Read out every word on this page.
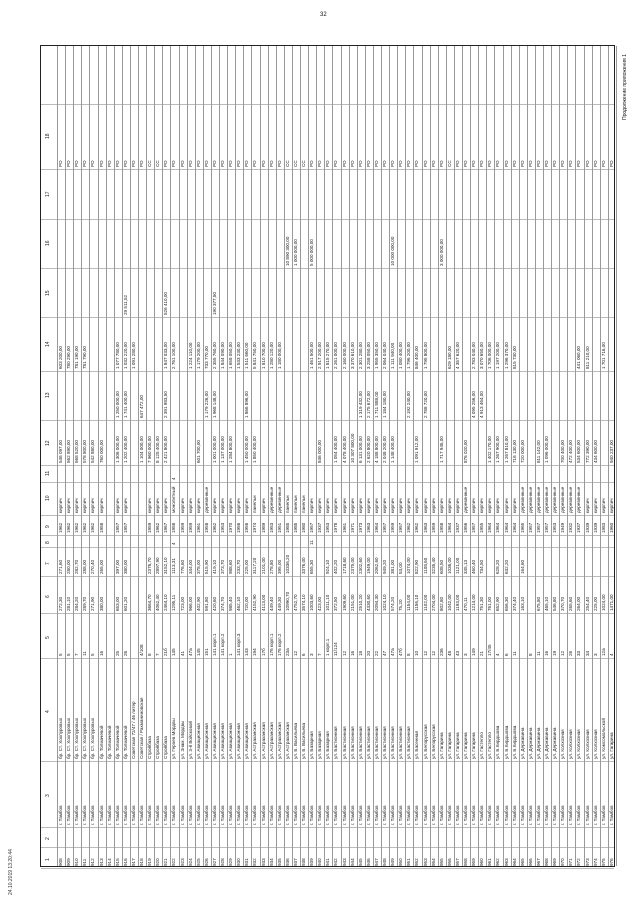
32
Продолжение приложения 1
1
2
3
4
5
6
7
8
9
10
11
12
13
14
15
16
17
18
908
г. Тамбов
бр. Ст. Хохлуровых
5
272,30
271,60
1962
кирпич
546 097,00
603 200,00
РО
909
г. Тамбов
бр. Ст. Хохлуровых
5
281,10
280,00
1962
кирпич
562 890,00
780 290,00
РО
910
г. Тамбов
бр. Ст. Хохлуровых
7
284,20
282,70
1962
кирпич
568 520,00
781 190,00
РО
911
г. Тамбов
бр. Ст. Хохлуровых
11
289,70
288,00
1962
кирпич
578 800,00
781 790,00
РО
912
г. Тамбов
бр. Ст. Хохлуровых
5
271,90
270,40
1962
кирпич
542 880,00
РО
913
г. Тамбов
бр. Толмачевой
16
380,00
265,00
1958
кирпич
760 000,00
РО
914
г. Тамбов
бр. Толмачевой
РО
915
г. Тамбов
бр. Толмачевой
25
653,00
397,00
1957
кирпич
1 306 000,00
1 250 000,00
1 077 780,00
РО
916
г. Тамбов
бр. Толмачевой
26
601,20
380,00
1957
кирпич
1 202 400,00
1 741 400,00
1 032 220,00
29 511,52
РО
917
г. Тамбов
Советская 72/47 / 46 литер
1 091 280,00
РО
918
г. Тамбов
Советская / Рахманиновская
4/108
1 104 000,00
647 472,00
РО
919
г. Тамбов
Стройбаза
8
3664,70
2376,70
1959
кирпич
7 960 000,00
СС
920
г. Тамбов
Стройбаза
7
4062,40
2897,90
1962
кирпич
8 125 400,00
СС
921
г. Тамбов
Стройбаза
21б
2464,10
3152,10
1967
кирпич
2 421 800,00
2 391 983,50
1 847 033,00
526 410,00
РО
922
г. Тамбов
ул. Героев Мордвы
145
1295,11
1113,31
4
1958
монолитный
4
2 761 100,00
РО
923
г. Тамбов
ул. Знам. Мордвы
41
723,00
776,60
1959
кирпич
РО
924
г. Тамбов
ул. 3-й Войсковой
47а
966,00
344,00
1959
кирпич
1 224 110,00
РО
925
г. Тамбов
ул. Авиационная
145
402,90
378,00
1961
кирпич
601 700,00
1 179 200,00
РО
926
г. Тамбов
ул. Авиационная
151
591,80
515,90
1958
деревянные
1 179 226,00
733 770,00
РО
927
г. Тамбов
ул. Авиационная
141 корп.1
420,60
419,10
1962
кирпич
1 001 000,00
1 968 148,00
2 355 760,00
190 377,50
РО
928
г. Тамбов
ул. Авиационная
141 корп.2
374,70
373,70
1953
кирпич
1 137 000,00
1 844 090,00
РО
929
г. Тамбов
ул. Авиационная
1
985,40
988,60
1970
кирпич
1 284 800,00
1 658 050,00
РО
930
г. Тамбов
ул. Авиационная
141 корп.3
462,10
233,70
1956
кирпич
1 533 230,00
РО
931
г. Тамбов
ул. Авиационная
143
720,00
225,00
1956
кирпич
1 450 000,00
1 866 896,00
1 511 660,00
РО
932
г. Тамбов
ул. Астраханская
194
4152,90
3117,20
1974
панельн
1 850 400,00
5 841 750,00
РО
933
г. Тамбов
ул. Астраханская
17б
4113,00
2101,00
1989
кирпич
1 810 700,00
РО
934
г. Тамбов
ул. Астраханская
176 корп.1
449,40
278,80
1953
деревянные
1 280 120,00
РО
935
г. Тамбов
ул. Астраханская
176 корп.2
449,30
395,00
1951
деревянные
1 180 000,00
РО
936
г. Тамбов
ул. Астраханская
23а
10990,70
10336,20
1985
панельн
10 890 300,00
СС
937
г. Тамбов
ул. Б. Васильева
12
4752,70
1985
панельн
1 000 000,00
СС
938
г. Тамбов
ул. Б. Васильева
6
3574,10
3376,00
1980
панельн
СС
939
г. Тамбов
ул. Базарная
3
1003,60
655,30
11
1957
кирпич
1 461 500,00
5 000 000,00
РО
940
г. Тамбов
ул. Базарная
7
423,00
1937
кирпич
846 000,00
2 917 200,00
РО
941
г. Тамбов
ул. Базарная
1 корп.1
1011,10
924,10
1953
кирпич
1 815 270,00
РО
942
г. Тамбов
ул. Бастионная
11/124
372,50
402,20
1978
кирпич
1 054 400,00
2 261 000,00
РО
943
г. Тамбов
ул. Бастионная
12
1909,60
1718,60
1961
кирпич
4 078 400,00
2 160 000,00
РО
944
г. Тамбов
ул. Бастионная
16
2151,00
2375,00
1971
кирпич
10 307 800,00
3 370 610,00
РО
945
г. Тамбов
ул. Бастионная
18
2510,20
2302,60
1973
кирпич
6 131 000,00
1 319 432,00
2 301 280,00
РО
946
г. Тамбов
ул. Бастионная
20
4330,60
1949,00
1963
кирпич
2 620 800,00
2 175 672,00
3 258 050,00
РО
947
г. Тамбов
ул. Бастионная
22
2094,30
2062,60
1964
кирпич
4 188 800,00
1 711 888,00
1 955 350,00
РО
948
г. Тамбов
ул. Бастионная
47
1024,10
949,20
1957
кирпич
2 048 200,00
1 184 180,00
2 064 040,00
РО
949
г. Тамбов
ул. Бастионная
47а
574,20
381,00
1959
кирпич
1 148 400,00
1 111 940,00
10 000 000,00
РО
950
г. Тамбов
ул. Бастионная
47б
75,20
53,00
1957
кирпич
1 080 400,00
РО
951
г. Тамбов
ул. Бастионная
8
1154,00
1074,00
1962
кирпич
2 192 240,00
1 796 200,00
РО
952
г. Тамбов
ул. Басенная
10
1156,10
822,90
1962
кирпич
1 091 912,00
846 400,00
РО
953
г. Тамбов
ул. Белорусская
12
1102,00
1108,60
1963
кирпич
2 788 720,00
1 795 800,00
РО
954
г. Тамбов
ул. Белорусская
12
2704,00
3235,40
1959
кирпич
РО
955
г. Тамбов
ул. Гагарина
236
802,80
608,50
1958
кирпич
1 717 945,00
3 000 000,00
РО
956
г. Тамбов
ул. Гагарина
48
1042,00
1036,00
1964
кирпич
629 180,00
СС
957
г. Тамбов
ул. Гагарина
43
1193,00
1121,00
1937
кирпич
4 357 620,00
РО
958
г. Тамбов
ул. Гагарина
3
470,11
345,13
1956
деревянные
876 020,00
РО
959
г. Тамбов
ул. Гагарина
149
1214,00
460,40
1957
кирпич
4 095 256,00
2 783 040,00
РО
960
г. Тамбов
ул. Гастелло
21
751,30
734,50
1955
кирпич
4 913 464,00
3 070 650,00
РО
961
г. Тамбов
ул. Гастелло
17/45
761,00
1964
кирпич
1 402 170,00
1 706 000,00
РО
962
г. Тамбов
ул. Б.Кирдшова
4
652,90
628,20
1964
кирпич
1 267 900,00
1 197 200,00
РО
963
г. Тамбов
ул. Б.Кирдшова
6
656,30
632,20
1964
кирпич
1 267 810,00
1 296 370,00
РО
964
г. Тамбов
ул. Б.Кирдшова
11
374,40
1964
кирпич
716 130,00
815 730,00
РО
965
г. Тамбов
ул. Державина
163,10
164,60
1965
деревянные
720 000,00
РО
966
г. Тамбов
ул. Державина
8
1957
деревянные
РО
967
г. Тамбов
ул. Державина
11
675,80
1957
деревянные
811 142,00
РО
968
г. Тамбов
ул. Державина
16
465,10
1957
деревянные
1 096 000,00
РО
969
г. Тамбов
ул. Державина
19
546,80
1953
деревянные
РО
970
г. Тамбов
ул. Колхозная
12
370,70
1949
деревянные
700 400,00
РО
971
г. Тамбов
ул. Колхозная
26
265,60
1932
деревянные
472 400,00
РО
972
г. Тамбов
ул. Колхозная
33
264,00
1937
деревянные
534 600,00
441 060,00
РО
973
г. Тамбов
ул. Колхозная
34
254,40
1939
кирпич
772 390,00
811 210,00
РО
974
г. Тамбов
ул. Колхозная
3
225,00
1939
кирпич
434 600,00
РО
975
г. Тамбов
ул. Комсомольской
12а
1024,00
1983
кирпич
1 701 716,00
РО
976
г. Тамбов
ул. Гагарина
4
1471,00
1960
кирпич
940 237,00
РО
24.10.2019 13:20:44
